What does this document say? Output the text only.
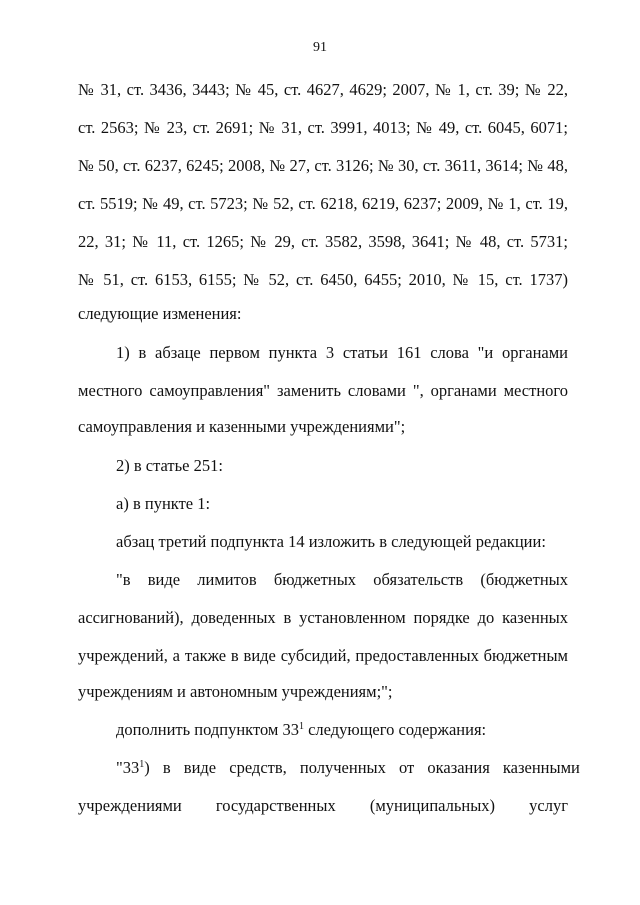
91
№ 31, ст. 3436, 3443; № 45, ст. 4627, 4629; 2007, № 1, ст. 39; № 22,
ст. 2563; № 23, ст. 2691; № 31, ст. 3991, 4013; № 49, ст. 6045, 6071;
№ 50, ст. 6237, 6245; 2008, № 27, ст. 3126; № 30, ст. 3611, 3614; № 48,
ст. 5519; № 49, ст. 5723; № 52, ст. 6218, 6219, 6237; 2009, № 1, ст. 19,
22, 31; № 11, ст. 1265; № 29, ст. 3582, 3598, 3641; № 48, ст. 5731;
№ 51, ст. 6153, 6155; № 52, ст. 6450, 6455; 2010, № 15, ст. 1737)
следующие изменения:
1) в абзаце первом пункта 3 статьи 161 слова "и органами
местного самоуправления" заменить словами ", органами местного
самоуправления и казенными учреждениями";
2) в статье 251:
а) в пункте 1:
абзац третий подпункта 14 изложить в следующей редакции:
"в виде лимитов бюджетных обязательств (бюджетных
ассигнований), доведенных в установленном порядке до казенных
учреждений, а также в виде субсидий, предоставленных бюджетным
учреждениям и автономным учреждениям;";
дополнить подпунктом $33^1$ следующего содержания:
"$33^1$) в виде средств, полученных от оказания казенными
учреждениями государственных (муниципальных) услуг
